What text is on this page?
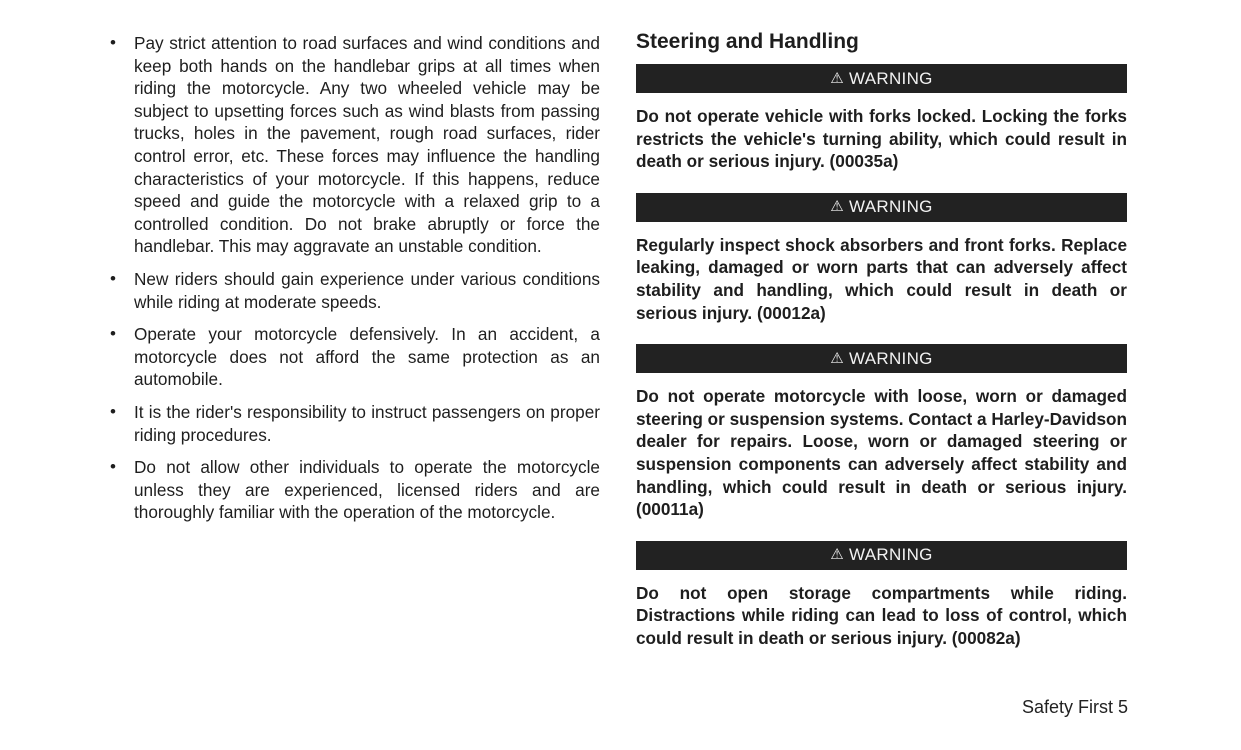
• Pay strict attention to road surfaces and wind conditions and keep both hands on the handlebar grips at all times when riding the motorcycle. Any two wheeled vehicle may be subject to upsetting forces such as wind blasts from passing trucks, holes in the pavement, rough road surfaces, rider control error, etc. These forces may influence the handling characteristics of your motorcycle. If this happens, reduce speed and guide the motorcycle with a relaxed grip to a controlled condition. Do not brake abruptly or force the handlebar. This may aggravate an unstable condition.
• New riders should gain experience under various conditions while riding at moderate speeds.
• Operate your motorcycle defensively. In an accident, a motorcycle does not afford the same protection as an automobile.
• It is the rider's responsibility to instruct passengers on proper riding procedures.
• Do not allow other individuals to operate the motorcycle unless they are experienced, licensed riders and are thoroughly familiar with the operation of the motorcycle.
Steering and Handling
⚠ WARNING
Do not operate vehicle with forks locked. Locking the forks restricts the vehicle's turning ability, which could result in death or serious injury. (00035a)
⚠ WARNING
Regularly inspect shock absorbers and front forks. Replace leaking, damaged or worn parts that can adversely affect stability and handling, which could result in death or serious injury. (00012a)
⚠ WARNING
Do not operate motorcycle with loose, worn or damaged steering or suspension systems. Contact a Harley-Davidson dealer for repairs. Loose, worn or damaged steering or suspension components can adversely affect stability and handling, which could result in death or serious injury. (00011a)
⚠ WARNING
Do not open storage compartments while riding. Distractions while riding can lead to loss of control, which could result in death or serious injury. (00082a)
Safety First 5
